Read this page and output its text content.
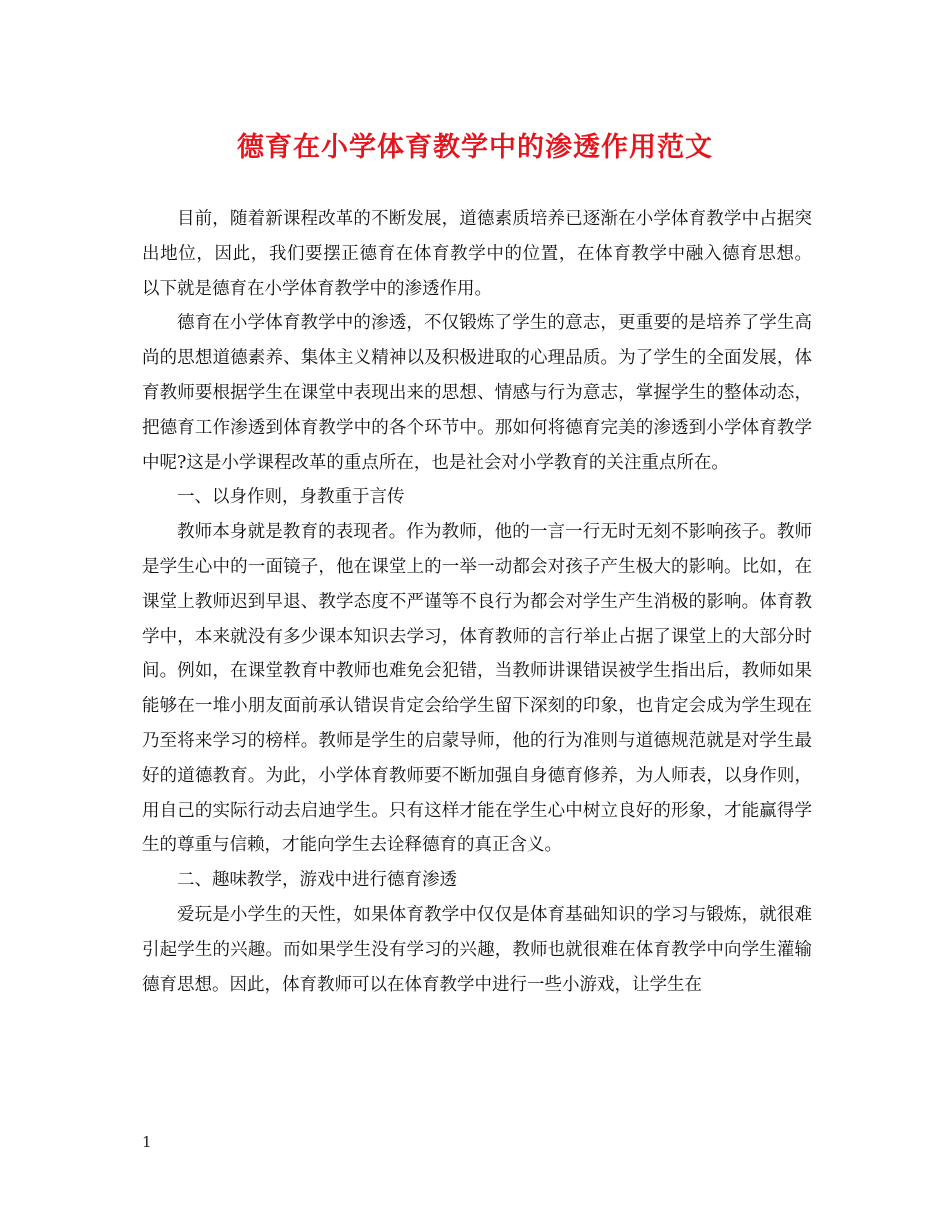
德育在小学体育教学中的渗透作用范文

目前，随着新课程改革的不断发展，道德素质培养已逐渐在小学体育教学中占据突出地位，因此，我们要摆正德育在体育教学中的位置，在体育教学中融入德育思想。 以下就是德育在小学体育教学中的渗透作用。

德育在小学体育教学中的渗透，不仅锻炼了学生的意志，更重要的是培养了学生高尚的思想道德素养、集体主义精神以及积极进取的心理品质。为了学生的全面发展，体育教师要根据学生在课堂中表现出来的思想、情感与行为意志，掌握学生的整体动态，把德育工作渗透到体育教学中的各个环节中。那如何将德育完美的渗透到小学体育教学中呢?这是小学课程改革的重点所在，也是社会对小学教育的关注重点所在。

一、以身作则，身教重于言传

教师本身就是教育的表现者。作为教师，他的一言一行无时无刻不影响孩子。教师是学生心中的一面镜子，他在课堂上的一举一动都会对孩子产生极大的影响。比如，在课堂上教师迟到早退、教学态度不严谨等不良行为都会对学生产生消极的影响。体育教学中，本来就没有多少课本知识去学习，体育教师的言行举止占据了课堂上的大部分时间。例如，在课堂教育中教师也难免会犯错，当教师讲课错误被学生指出后，教师如果能够在一堆小朋友面前承认错误肯定会给学生留下深刻的印象，也肯定会成为学生现在乃至将来学习的榜样。教师是学生的启蒙导师，他的行为准则与道德规范就是对学生最好的道德教育。为此，小学体育教师要不断加强自身德育修养，为人师表，以身作则，用自己的实际行动去启迪学生。只有这样才能在学生心中树立良好的形象，才能赢得学生的尊重与信赖，才能向学生去诠释德育的真正含义。

二、趣味教学，游戏中进行德育渗透

爱玩是小学生的天性，如果体育教学中仅仅是体育基础知识的学习与锻炼，就很难引起学生的兴趣。而如果学生没有学习的兴趣，教师也就很难在体育教学中向学生灌输德育思想。因此，体育教师可以在体育教学中进行一些小游戏，让学生在

1
